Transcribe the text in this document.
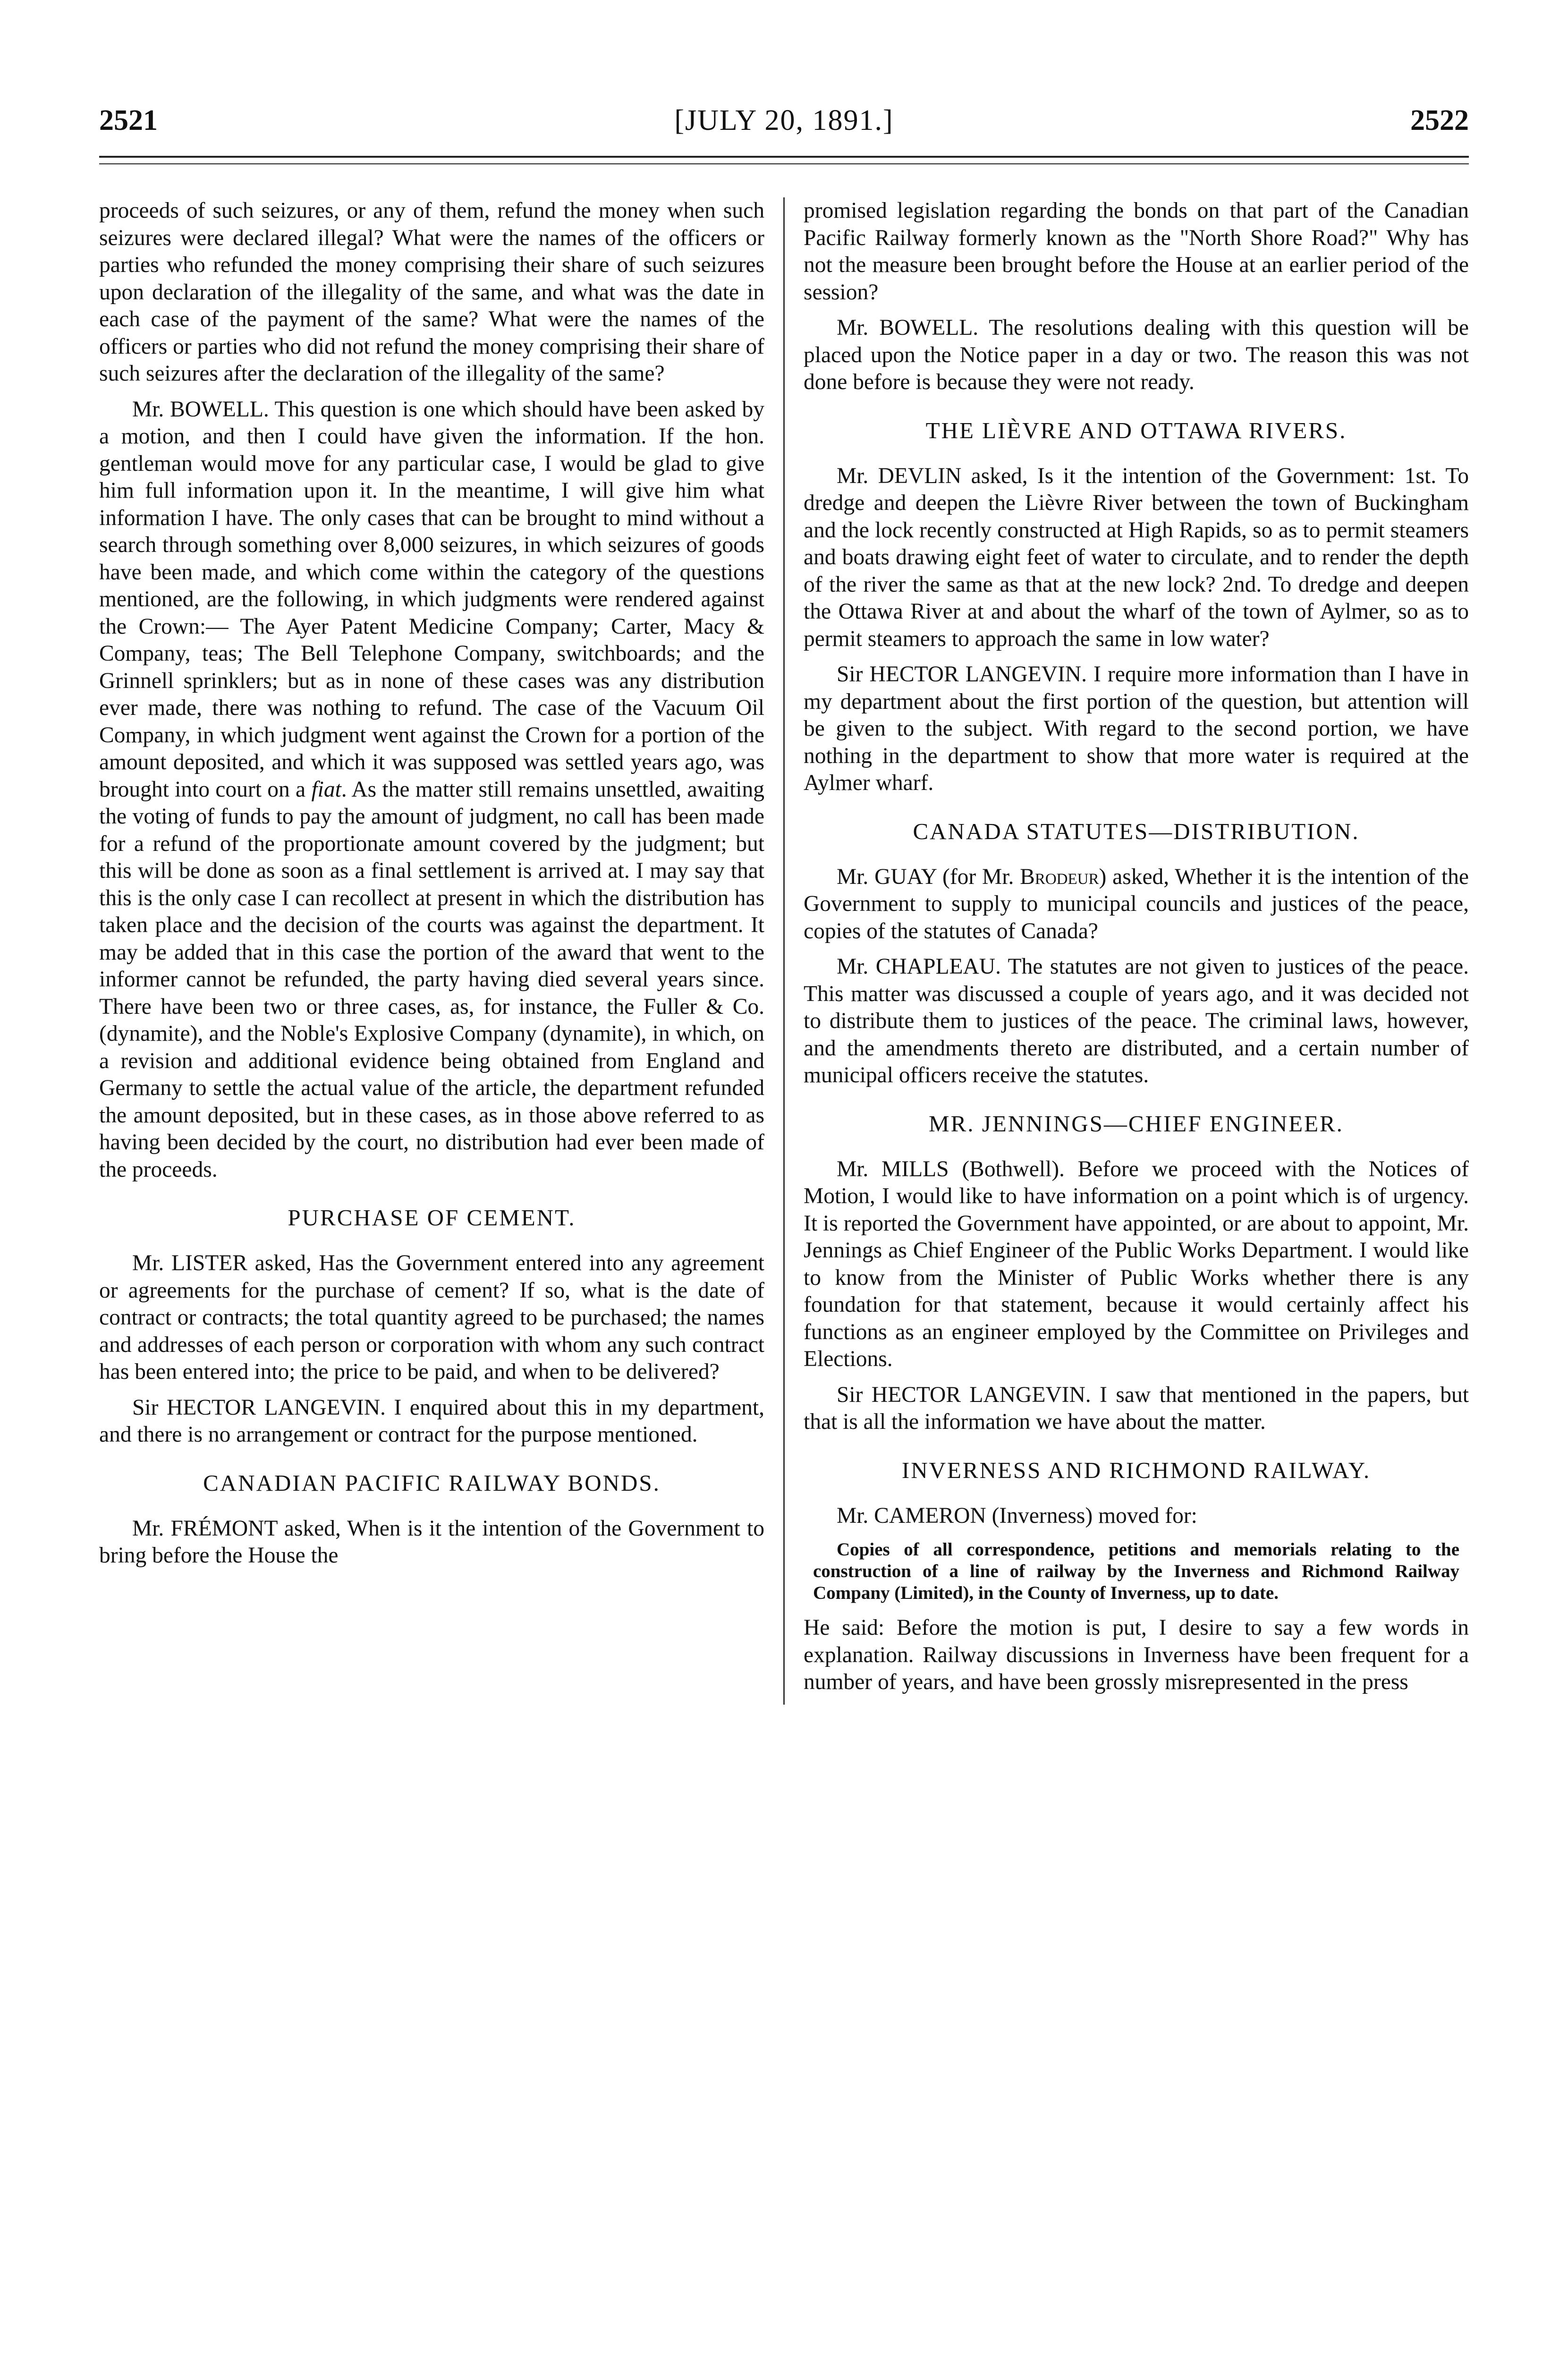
2521	[JULY 20, 1891.]	2522

proceeds of such seizures, or any of them, refund the money when such seizures were declared illegal? What were the names of the officers or parties who refunded the money comprising their share of such seizures upon declaration of the illegality of the same, and what was the date in each case of the payment of the same? What were the names of the officers or parties who did not refund the money comprising their share of such seizures after the declaration of the illegality of the same?

Mr. BOWELL. This question is one which should have been asked by a motion, and then I could have given the information. If the hon. gentleman would move for any particular case, I would be glad to give him full information upon it. In the meantime, I will give him what information I have. The only cases that can be brought to mind without a search through something over 8,000 seizures, in which seizures of goods have been made, and which come within the category of the questions mentioned, are the following, in which judgments were rendered against the Crown:— The Ayer Patent Medicine Company; Carter, Macy & Company, teas; The Bell Telephone Company, switchboards; and the Grinnell sprinklers; but as in none of these cases was any distribution ever made, there was nothing to refund. The case of the Vacuum Oil Company, in which judgment went against the Crown for a portion of the amount deposited, and which it was supposed was settled years ago, was brought into court on a fiat. As the matter still remains unsettled, awaiting the voting of funds to pay the amount of judgment, no call has been made for a refund of the proportionate amount covered by the judgment; but this will be done as soon as a final settlement is arrived at. I may say that this is the only case I can recollect at present in which the distribution has taken place and the decision of the courts was against the department. It may be added that in this case the portion of the award that went to the informer cannot be refunded, the party having died several years since. There have been two or three cases, as, for instance, the Fuller & Co. (dynamite), and the Noble's Explosive Company (dynamite), in which, on a revision and additional evidence being obtained from England and Germany to settle the actual value of the article, the department refunded the amount deposited, but in these cases, as in those above referred to as having been decided by the court, no distribution had ever been made of the proceeds.

PURCHASE OF CEMENT.

Mr. LISTER asked, Has the Government entered into any agreement or agreements for the purchase of cement? If so, what is the date of contract or contracts; the total quantity agreed to be purchased; the names and addresses of each person or corporation with whom any such contract has been entered into; the price to be paid, and when to be delivered?

Sir HECTOR LANGEVIN. I enquired about this in my department, and there is no arrangement or contract for the purpose mentioned.

CANADIAN PACIFIC RAILWAY BONDS.

Mr. FRÉMONT asked, When is it the intention of the Government to bring before the House the

promised legislation regarding the bonds on that part of the Canadian Pacific Railway formerly known as the "North Shore Road?" Why has not the measure been brought before the House at an earlier period of the session?

Mr. BOWELL. The resolutions dealing with this question will be placed upon the Notice paper in a day or two. The reason this was not done before is because they were not ready.

THE LIÈVRE AND OTTAWA RIVERS.

Mr. DEVLIN asked, Is it the intention of the Government: 1st. To dredge and deepen the Lièvre River between the town of Buckingham and the lock recently constructed at High Rapids, so as to permit steamers and boats drawing eight feet of water to circulate, and to render the depth of the river the same as that at the new lock? 2nd. To dredge and deepen the Ottawa River at and about the wharf of the town of Aylmer, so as to permit steamers to approach the same in low water?

Sir HECTOR LANGEVIN. I require more information than I have in my department about the first portion of the question, but attention will be given to the subject. With regard to the second portion, we have nothing in the department to show that more water is required at the Aylmer wharf.

CANADA STATUTES—DISTRIBUTION.

Mr. GUAY (for Mr. Brodeur) asked, Whether it is the intention of the Government to supply to municipal councils and justices of the peace, copies of the statutes of Canada?

Mr. CHAPLEAU. The statutes are not given to justices of the peace. This matter was discussed a couple of years ago, and it was decided not to distribute them to justices of the peace. The criminal laws, however, and the amendments thereto are distributed, and a certain number of municipal officers receive the statutes.

MR. JENNINGS—CHIEF ENGINEER.

Mr. MILLS (Bothwell). Before we proceed with the Notices of Motion, I would like to have information on a point which is of urgency. It is reported the Government have appointed, or are about to appoint, Mr. Jennings as Chief Engineer of the Public Works Department. I would like to know from the Minister of Public Works whether there is any foundation for that statement, because it would certainly affect his functions as an engineer employed by the Committee on Privileges and Elections.

Sir HECTOR LANGEVIN. I saw that mentioned in the papers, but that is all the information we have about the matter.

INVERNESS AND RICHMOND RAILWAY.

Mr. CAMERON (Inverness) moved for:

Copies of all correspondence, petitions and memorials relating to the construction of a line of railway by the Inverness and Richmond Railway Company (Limited), in the County of Inverness, up to date.

He said: Before the motion is put, I desire to say a few words in explanation. Railway discussions in Inverness have been frequent for a number of years, and have been grossly misrepresented in the press
